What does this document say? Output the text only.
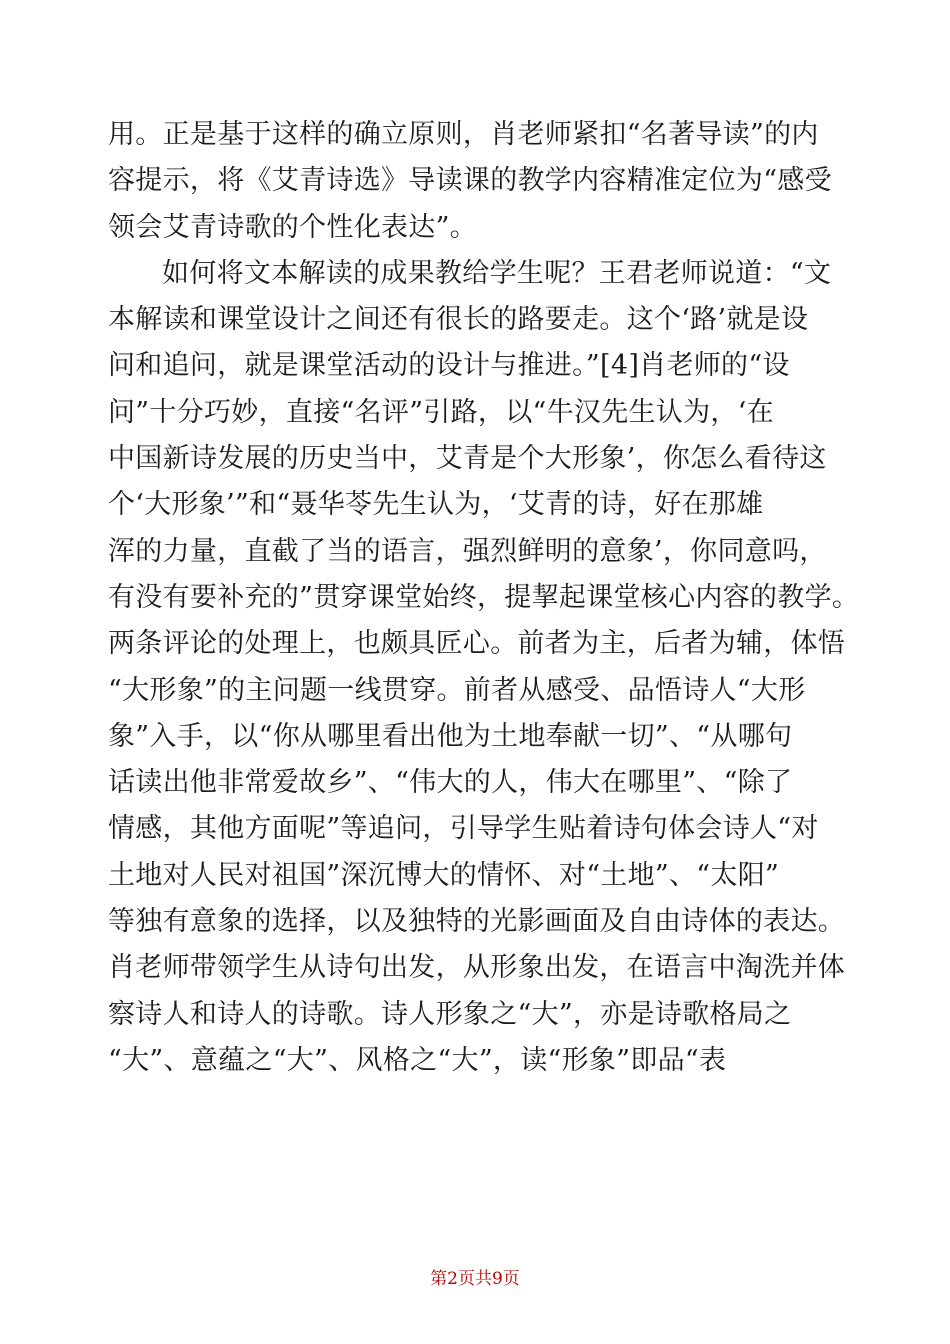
用。正是基于这样的确立原则，肖老师紧扣“名著导读”的内
容提示，将《艾青诗选》导读课的教学内容精准定位为“感受
领会艾青诗歌的个性化表达”。
如何将文本解读的成果教给学生呢？王君老师说道：“文
本解读和课堂设计之间还有很长的路要走。这个‘路’就是设
问和追问，就是课堂活动的设计与推进。”[4]肖老师的“设
问”十分巧妙，直接“名评”引路，以“牛汉先生认为，‘在
中国新诗发展的历史当中，艾青是个大形象’，你怎么看待这
个‘大形象’”和“聂华苓先生认为，‘艾青的诗，好在那雄
浑的力量，直截了当的语言，强烈鲜明的意象’，你同意吗，
有没有要补充的”贯穿课堂始终，提挈起课堂核心内容的教学。
两条评论的处理上，也颇具匠心。前者为主，后者为辅，体悟
“大形象”的主问题一线贯穿。前者从感受、品悟诗人“大形
象”入手，以“你从哪里看出他为土地奉献一切”、“从哪句
话读出他非常爱故乡”、“伟大的人，伟大在哪里”、“除了
情感，其他方面呢”等追问，引导学生贴着诗句体会诗人“对
土地对人民对祖国”深沉博大的情怀、对“土地”、“太阳”
等独有意象的选择，以及独特的光影画面及自由诗体的表达。
肖老师带领学生从诗句出发，从形象出发，在语言中淘洗并体
察诗人和诗人的诗歌。诗人形象之“大”，亦是诗歌格局之
“大”、意蕴之“大”、风格之“大”，读“形象”即品“表
第2页共9页
